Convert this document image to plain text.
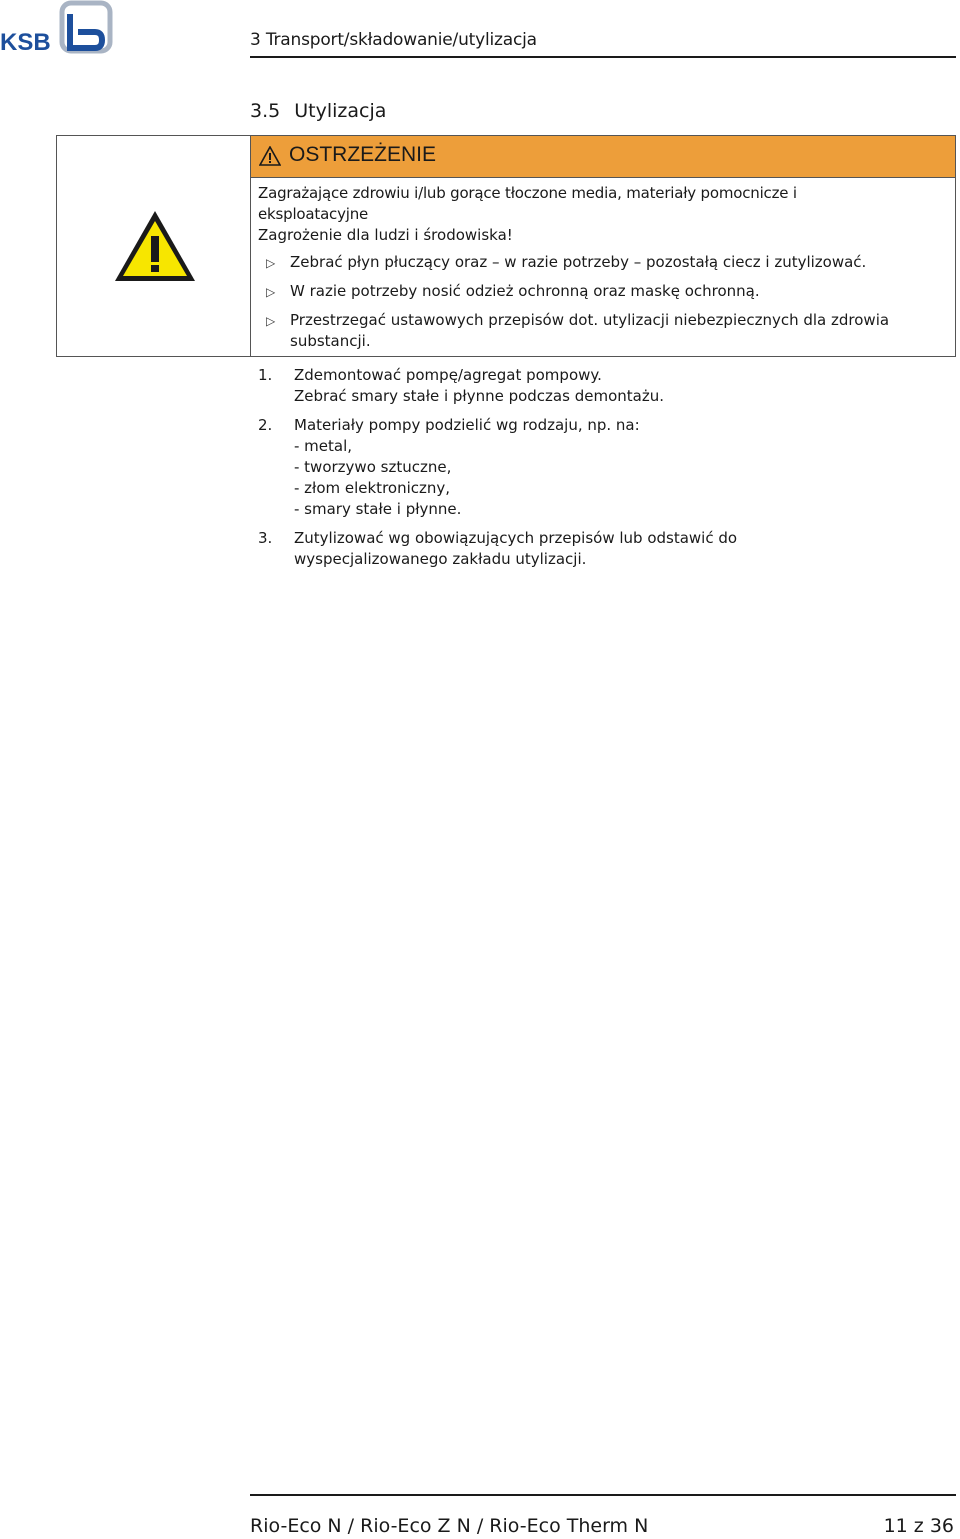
KSB	3 Transport/składowanie/utylizacja
3.5 Utylizacja
OSTRZEŻENIE
Zagrażające zdrowiu i/lub gorące tłoczone media, materiały pomocnicze i
eksploatacyjne
Zagrożenie dla ludzi i środowiska!
▷ Zebrać płyn płuczący oraz – w razie potrzeby – pozostałą ciecz i zutylizować.
▷ W razie potrzeby nosić odzież ochronną oraz maskę ochronną.
▷ Przestrzegać ustawowych przepisów dot. utylizacji niebezpiecznych dla zdrowia substancji.
1. Zdemontować pompę/agregat pompowy.
Zebrać smary stałe i płynne podczas demontażu.
2. Materiały pompy podzielić wg rodzaju, np. na:
- metal,
- tworzywo sztuczne,
- złom elektroniczny,
- smary stałe i płynne.
3. Zutylizować wg obowiązujących przepisów lub odstawić do
wyspecjalizowanego zakładu utylizacji.
Rio-Eco N / Rio-Eco Z N / Rio-Eco Therm N	11 z 36
